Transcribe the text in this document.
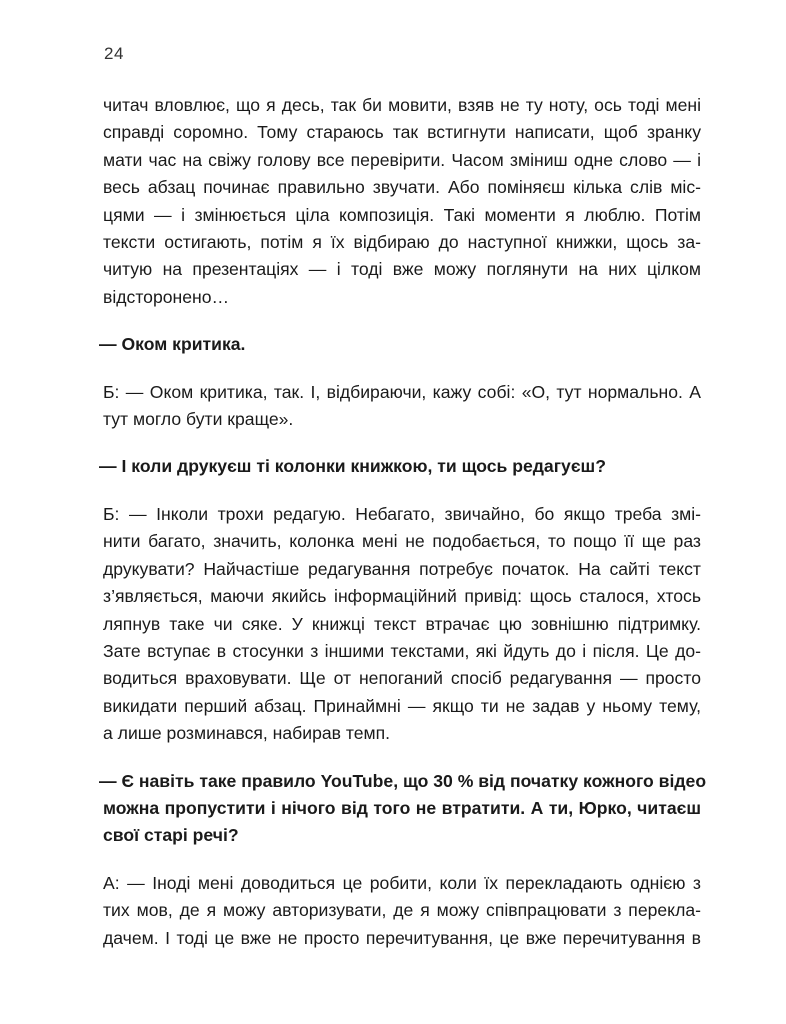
24

читач вловлює, що я десь, так би мовити, взяв не ту ноту, ось тоді мені
справді соромно. Тому стараюсь так встигнути написати, щоб зранку
мати час на свіжу голову все перевірити. Часом зміниш одне слово — і
весь абзац починає правильно звучати. Або поміняєш кілька слів міс-
цями — і змінюється ціла композиція. Такі моменти я люблю. Потім
тексти остигають, потім я їх відбираю до наступної книжки, щось за-
читую на презентаціях — і тоді вже можу поглянути на них цілком
відсторонено…

— Оком критика.

Б: — Оком критика, так. І, відбираючи, кажу собі: «О, тут нормально. А
тут могло бути краще».

— І коли друкуєш ті колонки книжкою, ти щось редагуєш?

Б: — Інколи трохи редагую. Небагато, звичайно, бо якщо треба змі-
нити багато, значить, колонка мені не подобається, то пощо її ще раз
друкувати? Найчастіше редагування потребує початок. На сайті текст
з’являється, маючи якийсь інформаційний привід: щось сталося, хтось
ляпнув таке чи сяке. У книжці текст втрачає цю зовнішню підтримку.
Зате вступає в стосунки з іншими текстами, які йдуть до і після. Це до-
водиться враховувати. Ще от непоганий спосіб редагування — просто
викидати перший абзац. Принаймні — якщо ти не задав у ньому тему,
а лише розминався, набирав темп.

— Є навіть таке правило YouTube, що 30 % від початку кожного відео
можна пропустити і нічого від того не втратити. А ти, Юрко, читаєш
свої старі речі?

А: — Іноді мені доводиться це робити, коли їх перекладають однією з
тих мов, де я можу авторизувати, де я можу співпрацювати з перекла-
дачем. І тоді це вже не просто перечитування, це вже перечитування в
